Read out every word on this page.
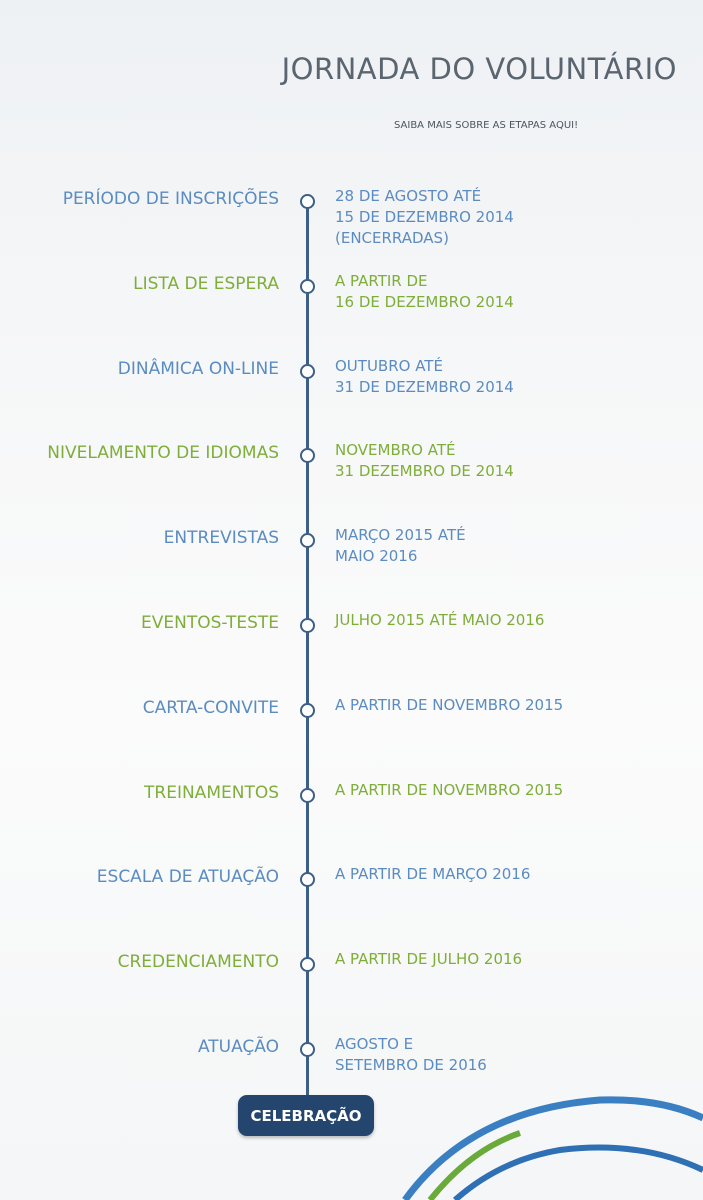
JORNADA DO VOLUNTÁRIO
SAIBA MAIS SOBRE AS ETAPAS AQUI!
PERÍODO DE INSCRIÇÕES	28 DE AGOSTO ATÉ
15 DE DEZEMBRO 2014
(ENCERRADAS)
LISTA DE ESPERA	A PARTIR DE
16 DE DEZEMBRO 2014
DINÂMICA ON-LINE	OUTUBRO ATÉ
31 DE DEZEMBRO 2014
NIVELAMENTO DE IDIOMAS	NOVEMBRO ATÉ
31 DEZEMBRO DE 2014
ENTREVISTAS	MARÇO 2015 ATÉ
MAIO 2016
EVENTOS-TESTE	JULHO 2015 ATÉ MAIO 2016
CARTA-CONVITE	A PARTIR DE NOVEMBRO 2015
TREINAMENTOS	A PARTIR DE NOVEMBRO 2015
ESCALA DE ATUAÇÃO	A PARTIR DE MARÇO 2016
CREDENCIAMENTO	A PARTIR DE JULHO 2016
ATUAÇÃO	AGOSTO E
SETEMBRO DE 2016
CELEBRAÇÃO
